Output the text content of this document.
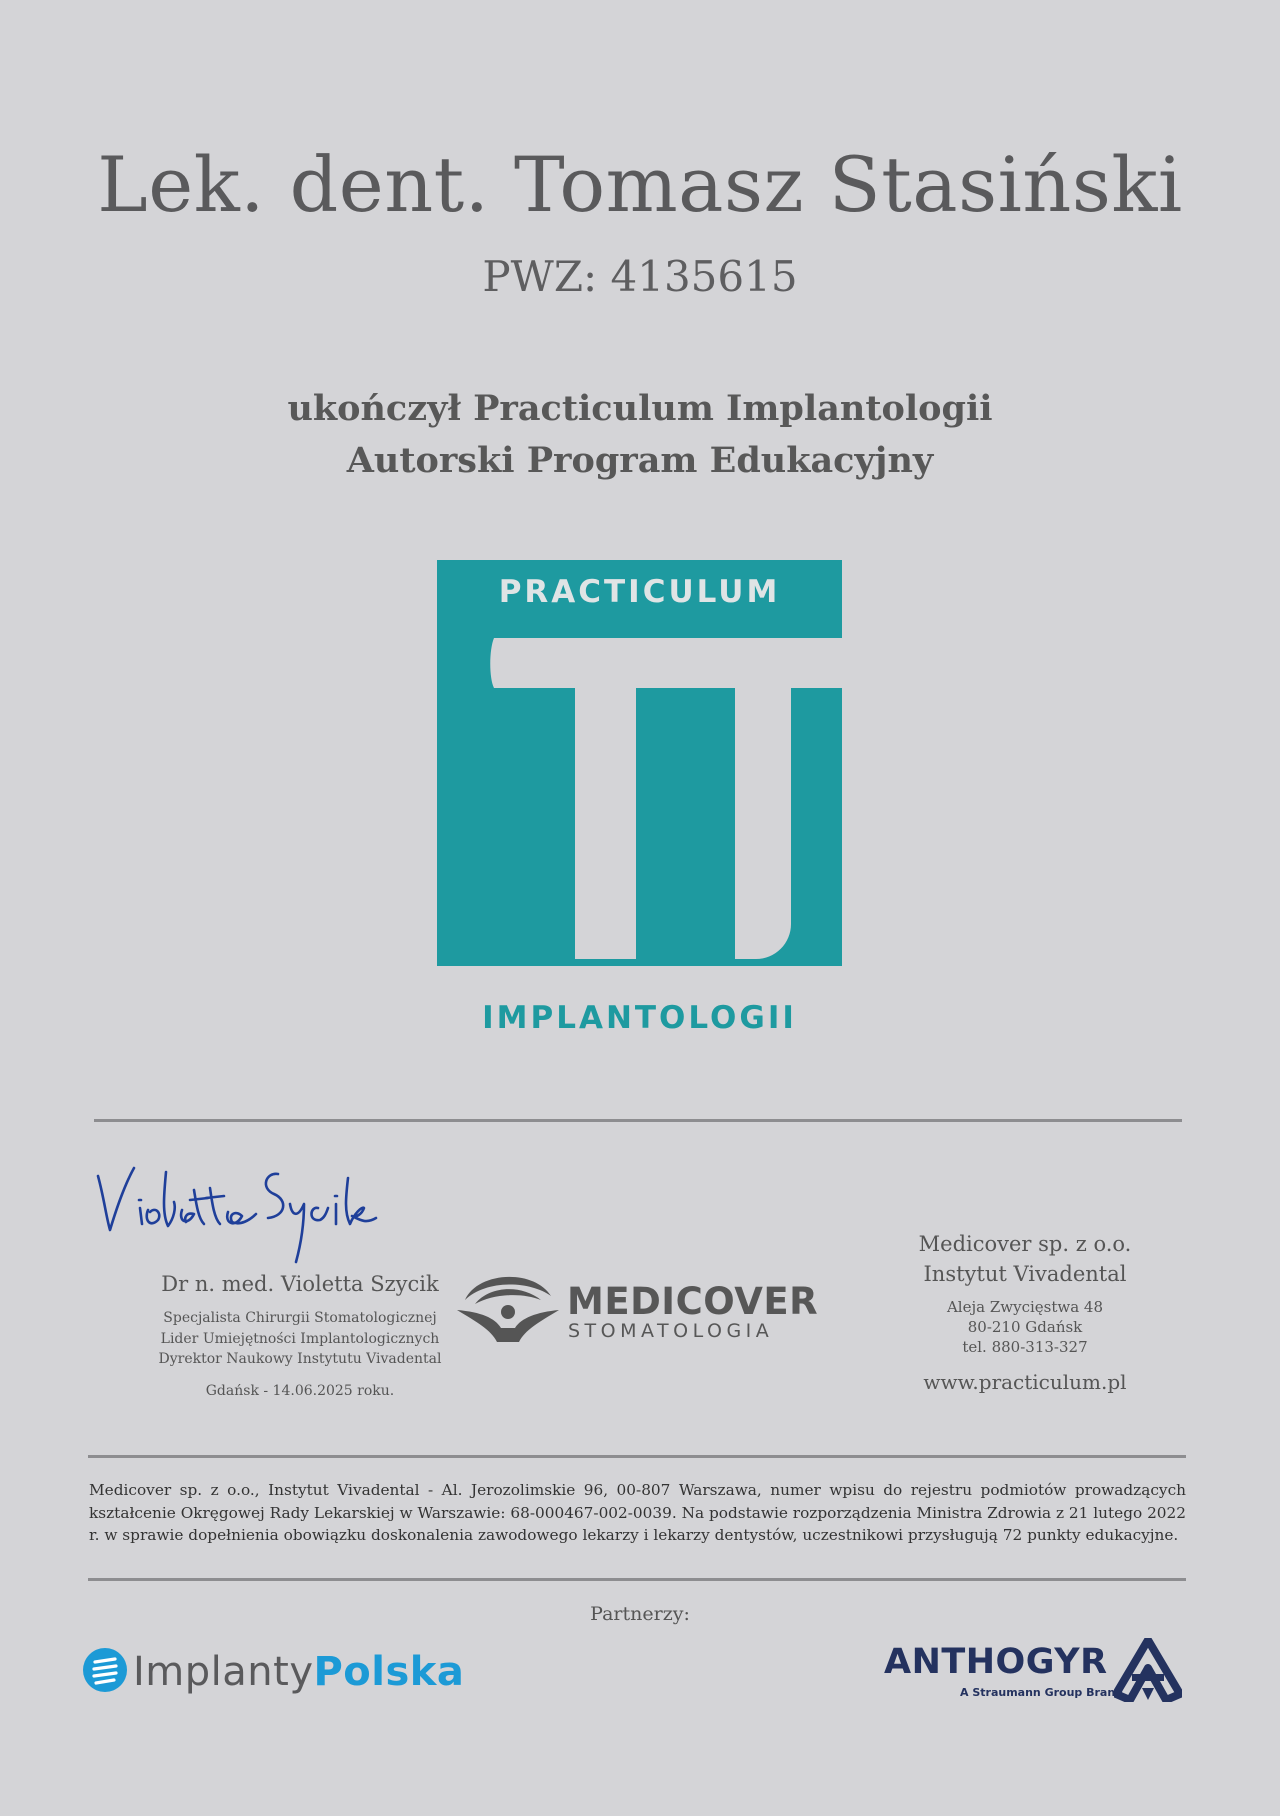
Lek. dent. Tomasz Stasiński
PWZ: 4135615
ukończył Practiculum Implantologii
Autorski Program Edukacyjny
PRACTICULUM
IMPLANTOLOGII
Dr n. med. Violetta Szycik
Specjalista Chirurgii Stomatologicznej
Lider Umiejętności Implantologicznych
Dyrektor Naukowy Instytutu Vivadental
Gdańsk - 14.06.2025 roku.
MEDICOVER
STOMATOLOGIA
Medicover sp. z o.o.
Instytut Vivadental
Aleja Zwycięstwa 48
80-210 Gdańsk
tel. 880-313-327
www.practiculum.pl
Medicover sp. z o.o., Instytut Vivadental - Al. Jerozolimskie 96, 00-807 Warszawa, numer wpisu do rejestru podmiotów prowadzących kształcenie Okręgowej Rady Lekarskiej w Warszawie: 68-000467-002-0039. Na podstawie rozporządzenia Ministra Zdrowia z 21 lutego 2022 r. w sprawie dopełnienia obowiązku doskonalenia zawodowego lekarzy i lekarzy dentystów, uczestnikowi przysługują 72 punkty edukacyjne.
Partnerzy:
ImplantyPolska	ANTHOGYR
A Straumann Group Brand
